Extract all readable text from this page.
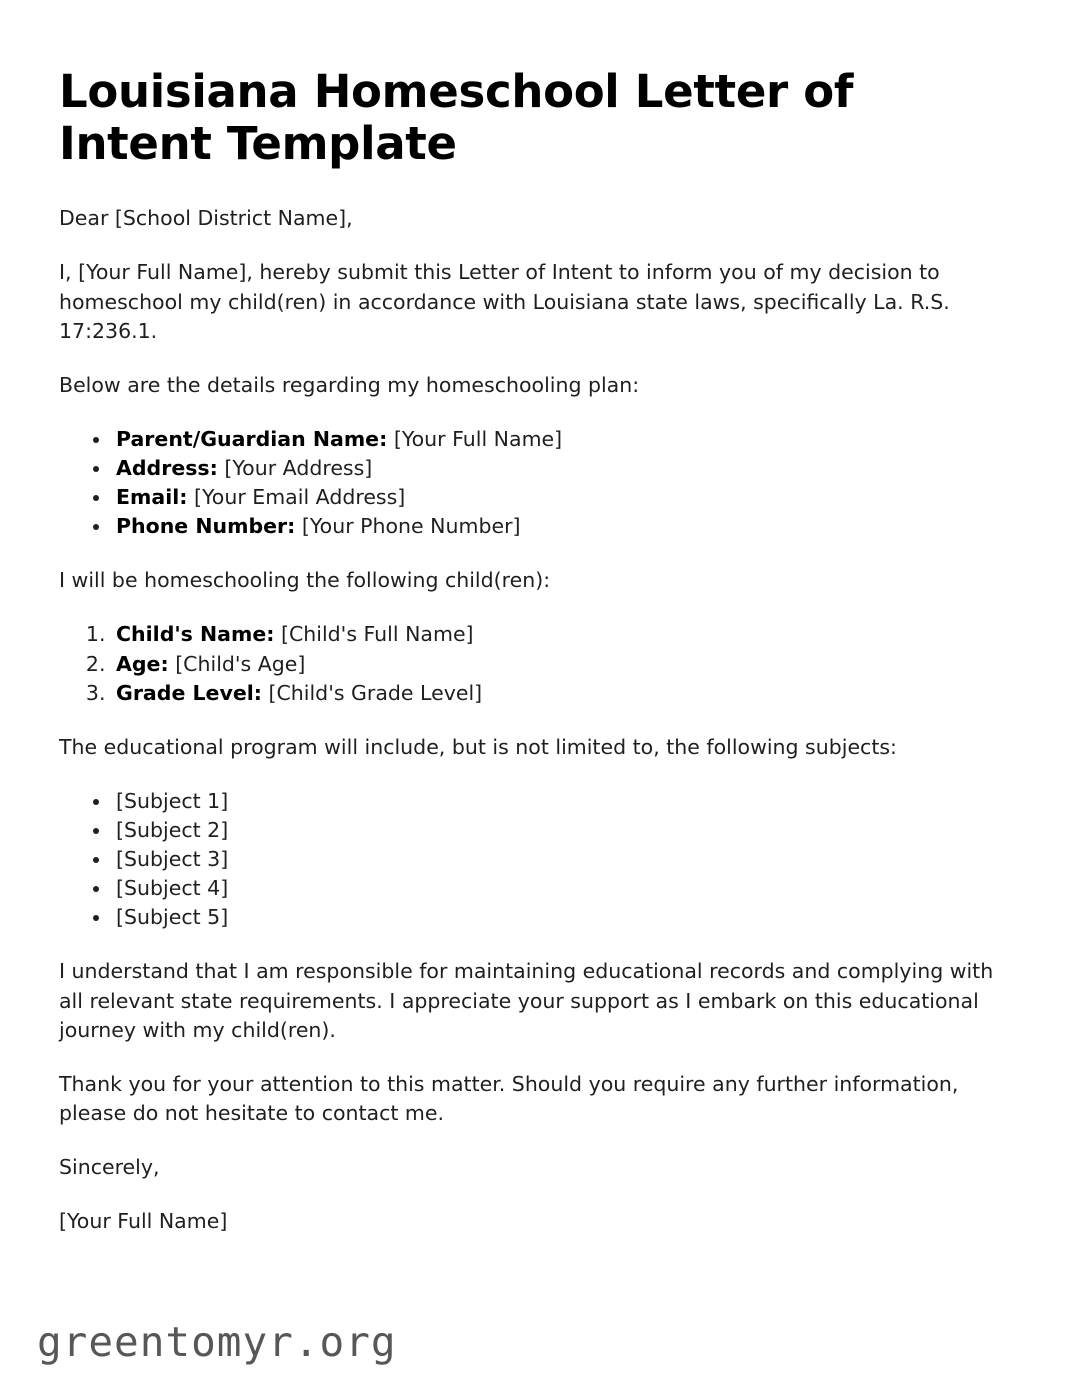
Louisiana Homeschool Letter of Intent Template

Dear [School District Name],

I, [Your Full Name], hereby submit this Letter of Intent to inform you of my decision to homeschool my child(ren) in accordance with Louisiana state laws, specifically La. R.S. 17:236.1.

Below are the details regarding my homeschooling plan:

• Parent/Guardian Name: [Your Full Name]
• Address: [Your Address]
• Email: [Your Email Address]
• Phone Number: [Your Phone Number]

I will be homeschooling the following child(ren):

1. Child's Name: [Child's Full Name]
2. Age: [Child's Age]
3. Grade Level: [Child's Grade Level]

The educational program will include, but is not limited to, the following subjects:

• [Subject 1]
• [Subject 2]
• [Subject 3]
• [Subject 4]
• [Subject 5]

I understand that I am responsible for maintaining educational records and complying with all relevant state requirements. I appreciate your support as I embark on this educational journey with my child(ren).

Thank you for your attention to this matter. Should you require any further information, please do not hesitate to contact me.

Sincerely,

[Your Full Name]

greentomyr.org
